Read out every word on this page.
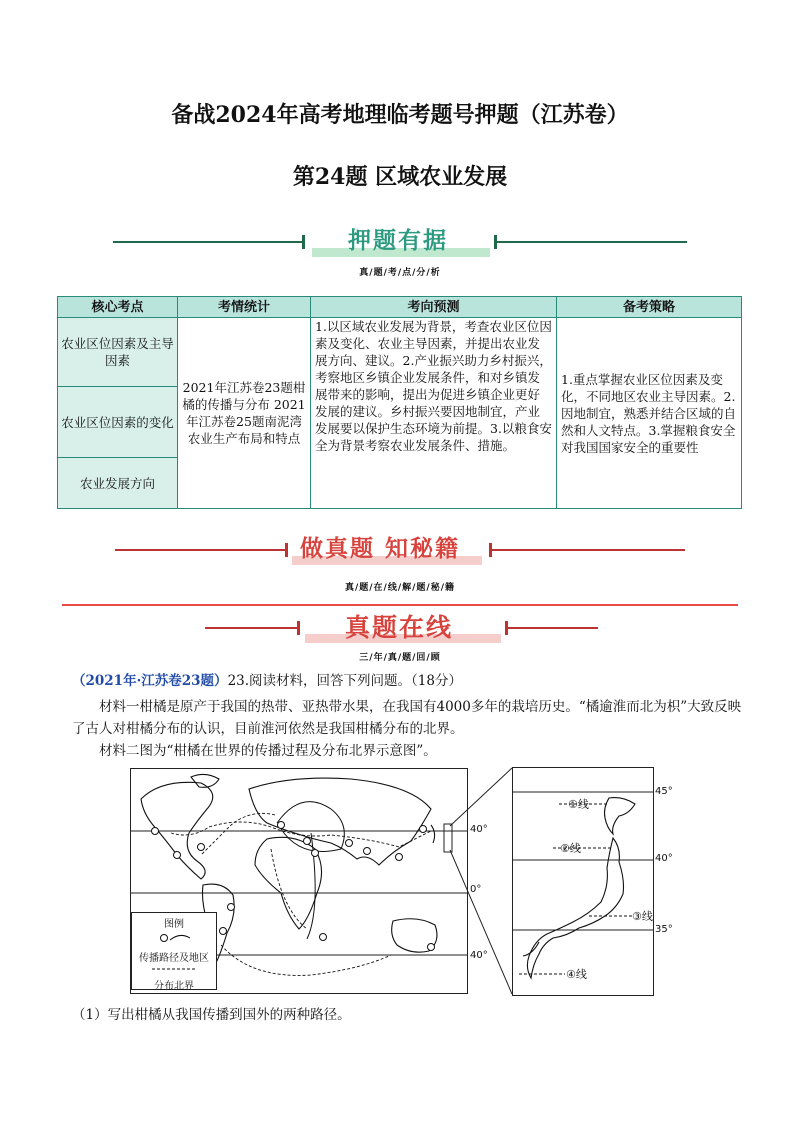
备战2024年高考地理临考题号押题（江苏卷）
第24题 区域农业发展
押题有据
真/题/考/点/分/析
核心考点	考情统计	考向预测	备考策略
农业区位因素及主导因素	2021年江苏卷23题柑橘的传播与分布 2021年江苏卷25题南泥湾农业生产布局和特点	1.以区域农业发展为背景，考查农业区位因素及变化、农业主导因素，并提出农业发展方向、建议。2.产业振兴助力乡村振兴，考察地区乡镇企业发展条件，和对乡镇发展带来的影响，提出为促进乡镇企业更好发展的建议。乡村振兴要因地制宜，产业发展要以保护生态环境为前提。3.以粮食安全为背景考察农业发展条件、措施。	1.重点掌握农业区位因素及变化，不同地区农业主导因素。2.因地制宜，熟悉并结合区域的自然和人文特点。3.掌握粮食安全对我国国家安全的重要性
农业区位因素的变化			
农业发展方向			
做真题 知秘籍
真/题/在/线/解/题/秘/籍
真题在线
三/年/真/题/回/顾
（2021年·江苏卷23题）23.阅读材料，回答下列问题。（18分）
材料一柑橘是原产于我国的热带、亚热带水果，在我国有4000多年的栽培历史。“橘逾淮而北为枳”大致反映了古人对柑橘分布的认识，目前淮河依然是我国柑橘分布的北界。
材料二图为“柑橘在世界的传播过程及分布北界示意图”。
40°
0°
40°
图例
传播路径及地区
分布北界
45°
40°
35°
①线
②线
③线
④线
（1）写出柑橘从我国传播到国外的两种路径。
